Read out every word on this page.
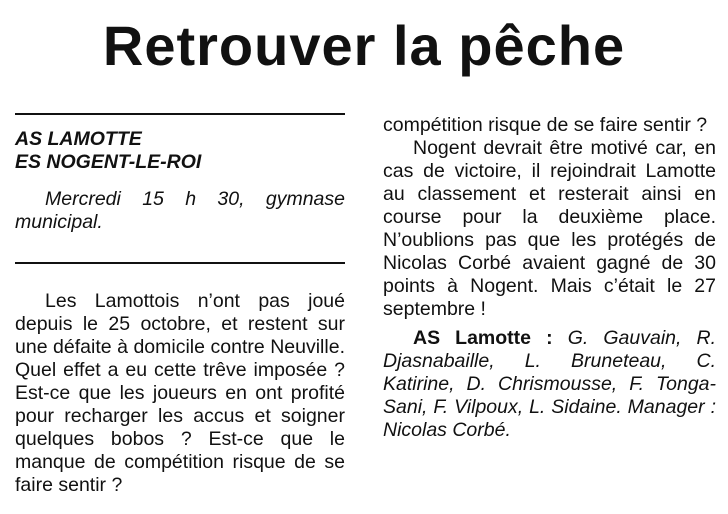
Retrouver la pêche

AS LAMOTTE

ES NOGENT-LE-ROI

Mercredi 15 h 30, gymnase municipal.

Les Lamottois n’ont pas joué depuis le 25 octobre, et restent sur une défaite à domicile contre Neuville. Quel effet a eu cette trêve imposée ? Est-ce que les joueurs en ont profité pour recharger les accus et soigner quelques bobos ? Est-ce que le manque de compétition risque de se faire sentir ?

compétition risque de se faire sentir ?

Nogent devrait être motivé car, en cas de victoire, il rejoindrait Lamotte au classement et resterait ainsi en course pour la deuxième place. N’oublions pas que les protégés de Nicolas Corbé avaient gagné de 30 points à Nogent. Mais c’était le 27 septembre !

AS Lamotte : G. Gauvain, R. Djasnabaille, L. Bruneteau, C. Katirine, D. Chrismousse, F. Tonga-Sani, F. Vilpoux, L. Sidaine. Manager : Nicolas Corbé.
